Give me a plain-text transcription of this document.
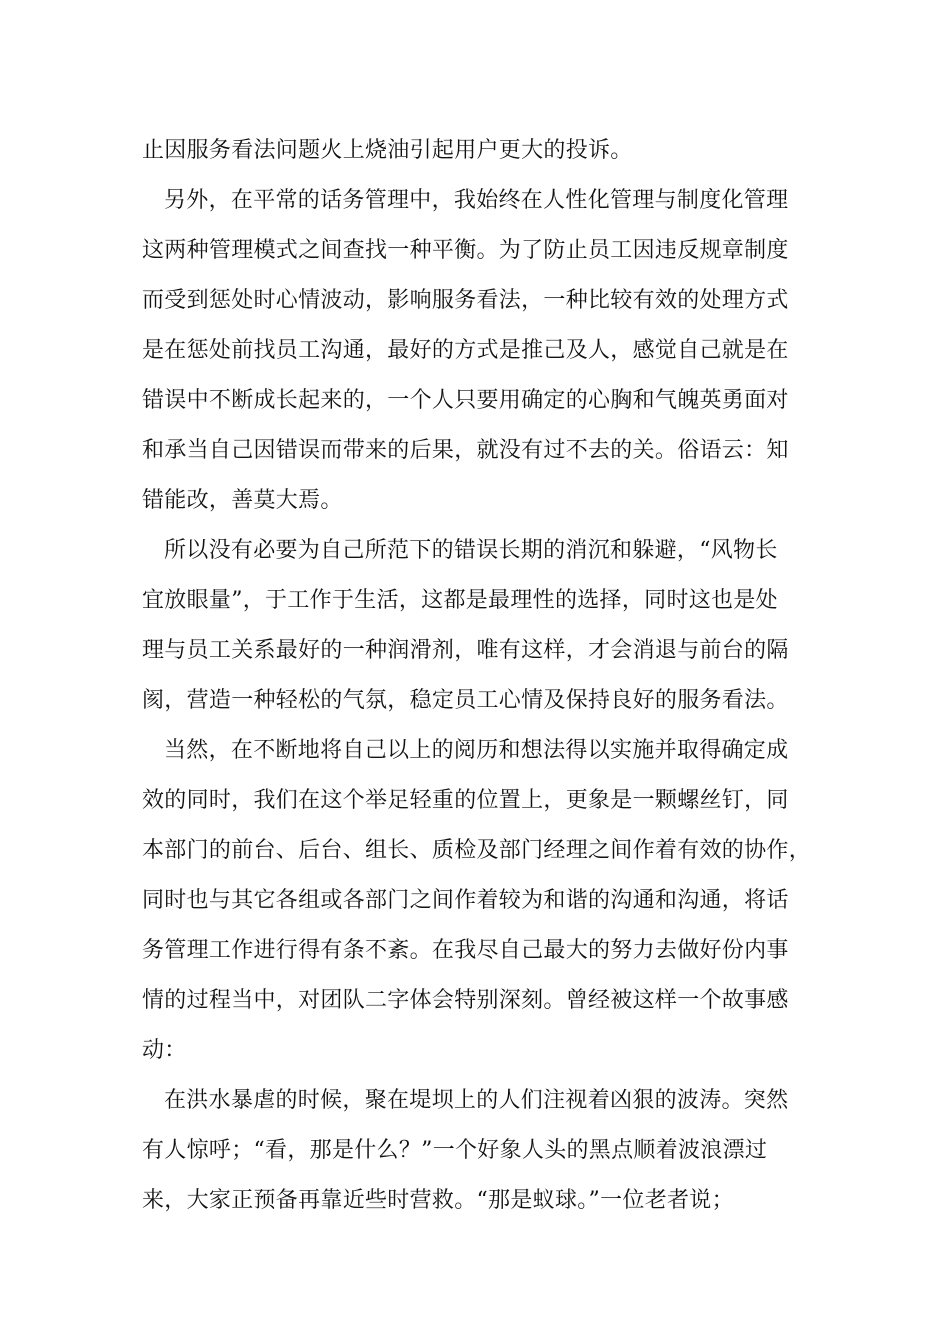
止因服务看法问题火上烧油引起用户更大的投诉。
另外，在平常的话务管理中，我始终在人性化管理与制度化管理
这两种管理模式之间查找一种平衡。为了防止员工因违反规章制度
而受到惩处时心情波动，影响服务看法，一种比较有效的处理方式
是在惩处前找员工沟通，最好的方式是推己及人，感觉自己就是在
错误中不断成长起来的，一个人只要用确定的心胸和气魄英勇面对
和承当自己因错误而带来的后果，就没有过不去的关。俗语云：知
错能改，善莫大焉。
所以没有必要为自己所范下的错误长期的消沉和躲避，“风物长
宜放眼量”，于工作于生活，这都是最理性的选择，同时这也是处
理与员工关系最好的一种润滑剂，唯有这样，才会消退与前台的隔
阂，营造一种轻松的气氛，稳定员工心情及保持良好的服务看法。
当然，在不断地将自己以上的阅历和想法得以实施并取得确定成
效的同时，我们在这个举足轻重的位置上，更象是一颗螺丝钉，同
本部门的前台、后台、组长、质检及部门经理之间作着有效的协作，
同时也与其它各组或各部门之间作着较为和谐的沟通和沟通，将话
务管理工作进行得有条不紊。在我尽自己最大的努力去做好份内事
情的过程当中，对团队二字体会特别深刻。曾经被这样一个故事感
动：
在洪水暴虐的时候，聚在堤坝上的人们注视着凶狠的波涛。突然
有人惊呼；“看，那是什么？”一个好象人头的黑点顺着波浪漂过
来，大家正预备再靠近些时营救。“那是蚁球。”一位老者说；
